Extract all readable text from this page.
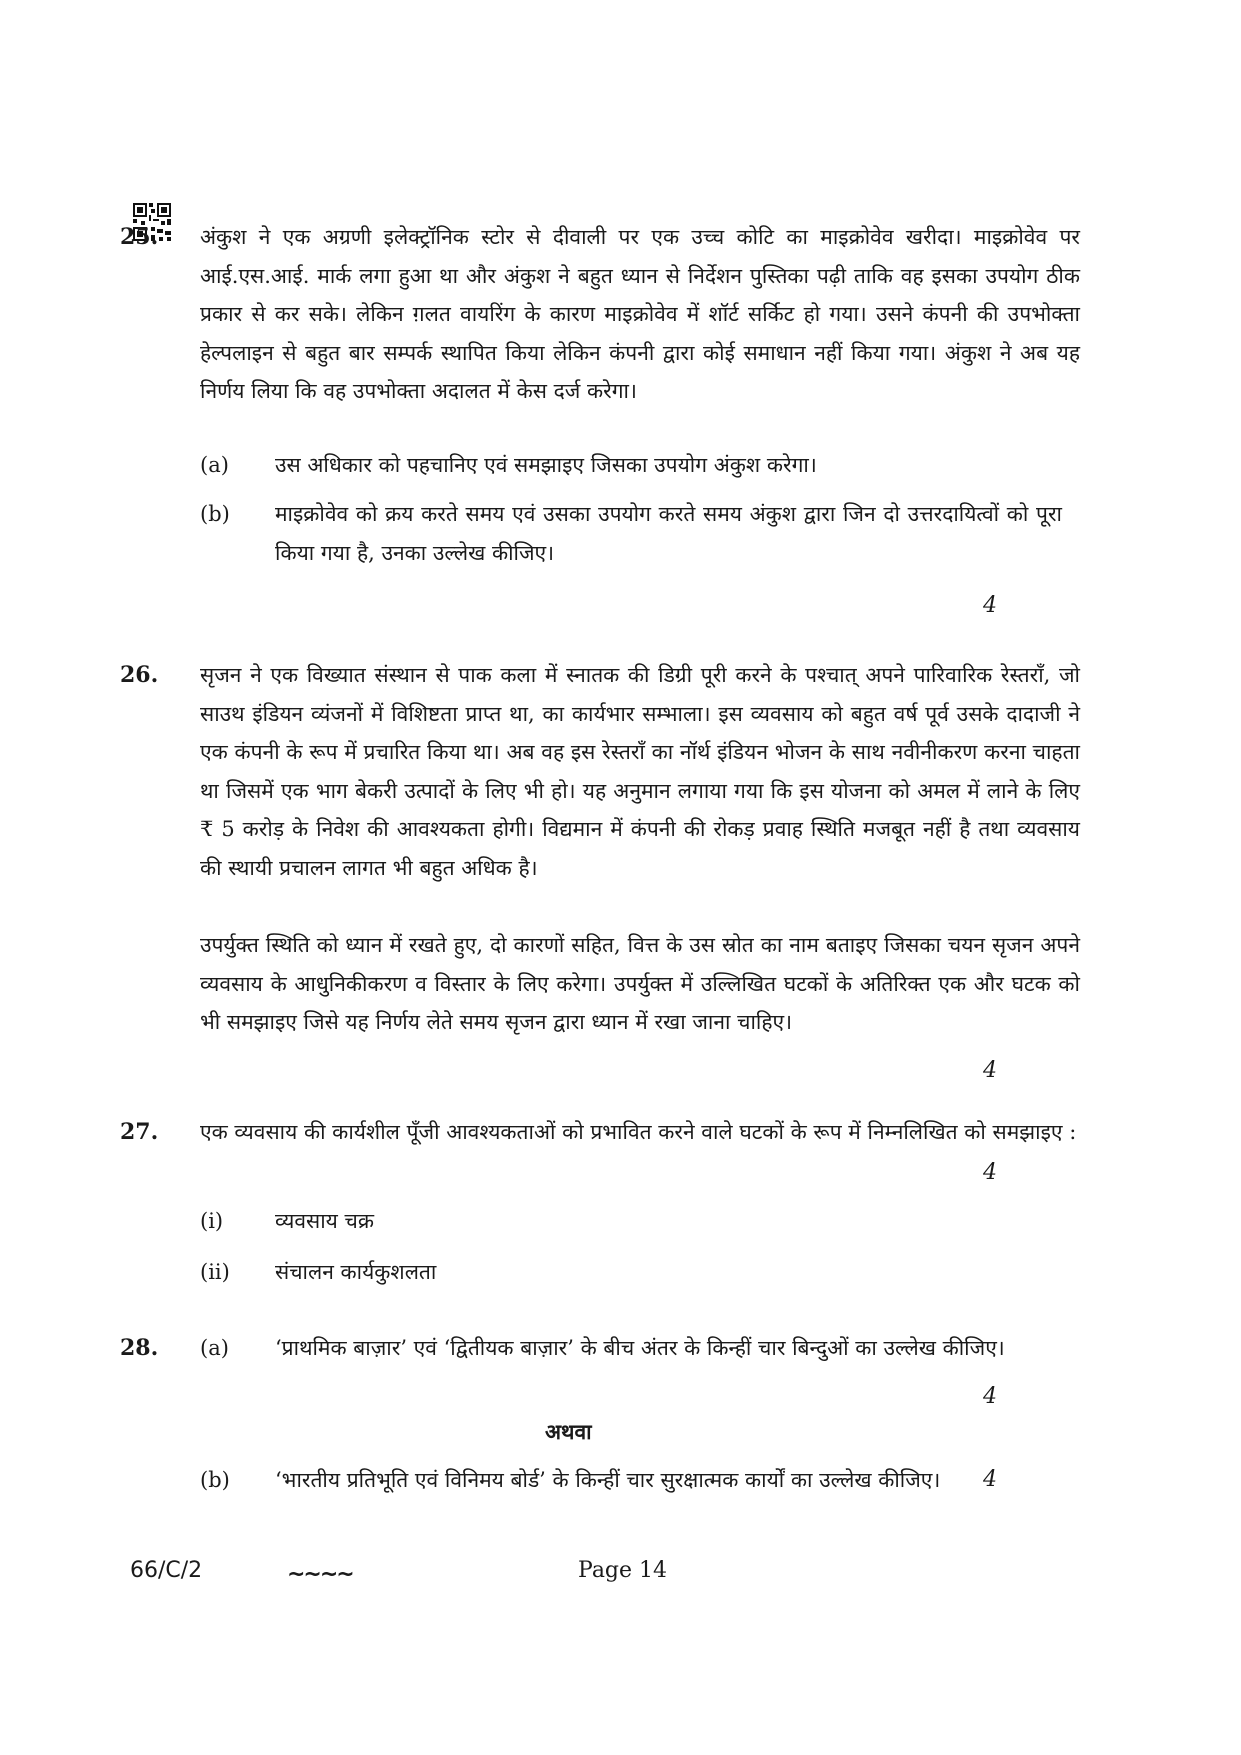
25. अंकुश ने एक अग्रणी इलेक्ट्रॉनिक स्टोर से दीवाली पर एक उच्च कोटि का माइक्रोवेव खरीदा। माइक्रोवेव पर आई.एस.आई. मार्क लगा हुआ था और अंकुश ने बहुत ध्यान से निर्देशन पुस्तिका पढ़ी ताकि वह इसका उपयोग ठीक प्रकार से कर सके। लेकिन ग़लत वायरिंग के कारण माइक्रोवेव में शॉर्ट सर्किट हो गया। उसने कंपनी की उपभोक्ता हेल्पलाइन से बहुत बार सम्पर्क स्थापित किया लेकिन कंपनी द्वारा कोई समाधान नहीं किया गया। अंकुश ने अब यह निर्णय लिया कि वह उपभोक्ता अदालत में केस दर्ज करेगा।
(a)	उस अधिकार को पहचानिए एवं समझाइए जिसका उपयोग अंकुश करेगा।
(b)	माइक्रोवेव को क्रय करते समय एवं उसका उपयोग करते समय अंकुश द्वारा जिन दो उत्तरदायित्वों को पूरा किया गया है, उनका उल्लेख कीजिए।
4
26. सृजन ने एक विख्यात संस्थान से पाक कला में स्नातक की डिग्री पूरी करने के पश्चात् अपने पारिवारिक रेस्तराँ, जो साउथ इंडियन व्यंजनों में विशिष्टता प्राप्त था, का कार्यभार सम्भाला। इस व्यवसाय को बहुत वर्ष पूर्व उसके दादाजी ने एक कंपनी के रूप में प्रचारित किया था। अब वह इस रेस्तराँ का नॉर्थ इंडियन भोजन के साथ नवीनीकरण करना चाहता था जिसमें एक भाग बेकरी उत्पादों के लिए भी हो। यह अनुमान लगाया गया कि इस योजना को अमल में लाने के लिए ₹ 5 करोड़ के निवेश की आवश्यकता होगी। विद्यमान में कंपनी की रोकड़ प्रवाह स्थिति मजबूत नहीं है तथा व्यवसाय की स्थायी प्रचालन लागत भी बहुत अधिक है।
उपर्युक्त स्थिति को ध्यान में रखते हुए, दो कारणों सहित, वित्त के उस स्रोत का नाम बताइए जिसका चयन सृजन अपने व्यवसाय के आधुनिकीकरण व विस्तार के लिए करेगा। उपर्युक्त में उल्लिखित घटकों के अतिरिक्त एक और घटक को भी समझाइए जिसे यह निर्णय लेते समय सृजन द्वारा ध्यान में रखा जाना चाहिए।
4
27. एक व्यवसाय की कार्यशील पूँजी आवश्यकताओं को प्रभावित करने वाले घटकों के रूप में निम्नलिखित को समझाइए :
(i)	व्यवसाय चक्र
(ii)	संचालन कार्यकुशलता
4
28. (a)	‘प्राथमिक बाज़ार’ एवं ‘द्वितीयक बाज़ार’ के बीच अंतर के किन्हीं चार बिन्दुओं का उल्लेख कीजिए।
अथवा
(b)	‘भारतीय प्रतिभूति एवं विनिमय बोर्ड’ के किन्हीं चार सुरक्षात्मक कार्यों का उल्लेख कीजिए।
4
4
66/C/2	~~~~	Page 14
